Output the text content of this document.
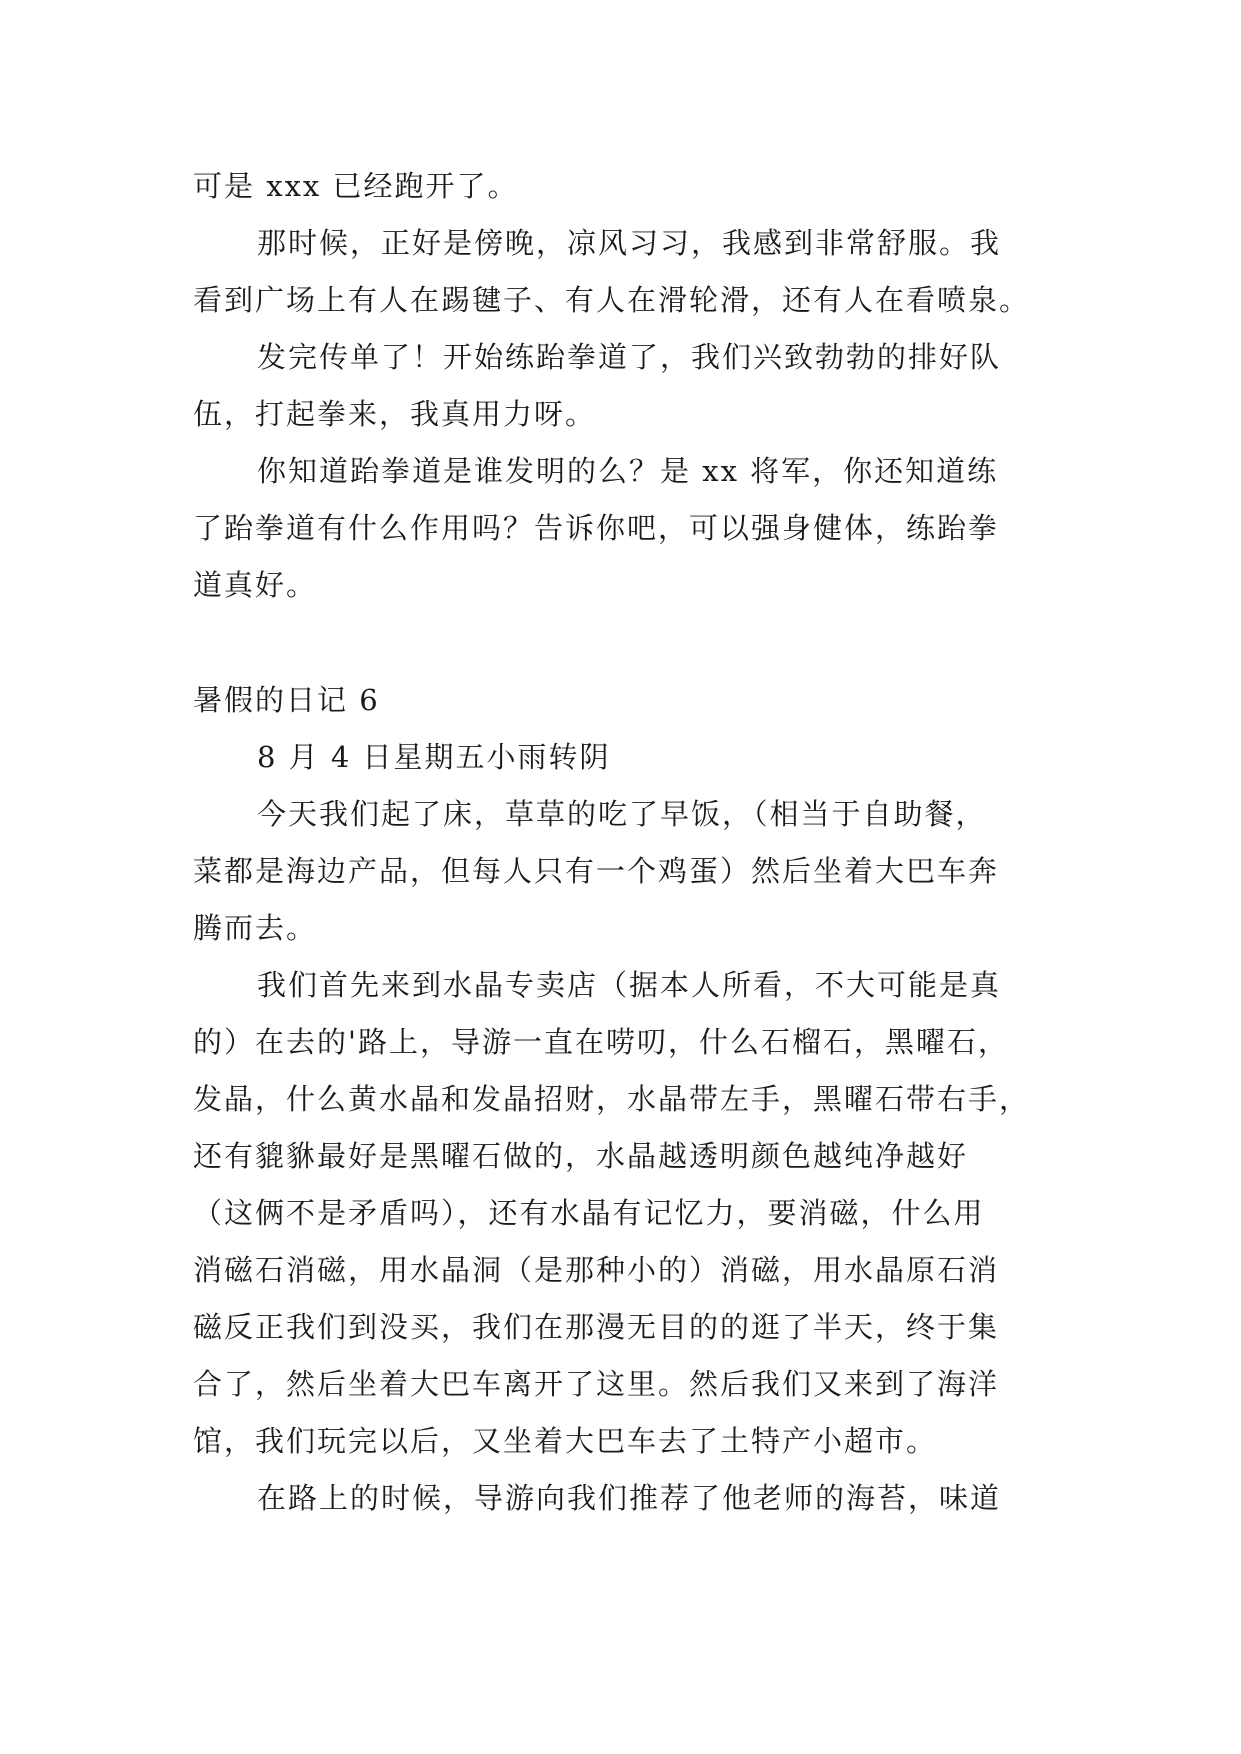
可是 xxx 已经跑开了。
那时候，正好是傍晚，凉风习习，我感到非常舒服。我
看到广场上有人在踢毽子、有人在滑轮滑，还有人在看喷泉。
发完传单了！开始练跆拳道了，我们兴致勃勃的排好队
伍，打起拳来，我真用力呀。
你知道跆拳道是谁发明的么？是 xx 将军，你还知道练
了跆拳道有什么作用吗？告诉你吧，可以强身健体，练跆拳
道真好。
暑假的日记 6
8 月 4 日星期五小雨转阴
今天我们起了床，草草的吃了早饭，（相当于自助餐，
菜都是海边产品，但每人只有一个鸡蛋）然后坐着大巴车奔
腾而去。
我们首先来到水晶专卖店（据本人所看，不大可能是真
的）在去的'路上，导游一直在唠叨，什么石榴石，黑曜石，
发晶，什么黄水晶和发晶招财，水晶带左手，黑曜石带右手，
还有貔貅最好是黑曜石做的，水晶越透明颜色越纯净越好
（这俩不是矛盾吗），还有水晶有记忆力，要消磁，什么用
消磁石消磁，用水晶洞（是那种小的）消磁，用水晶原石消
磁反正我们到没买，我们在那漫无目的的逛了半天，终于集
合了，然后坐着大巴车离开了这里。然后我们又来到了海洋
馆，我们玩完以后，又坐着大巴车去了土特产小超市。
在路上的时候，导游向我们推荐了他老师的海苔，味道
